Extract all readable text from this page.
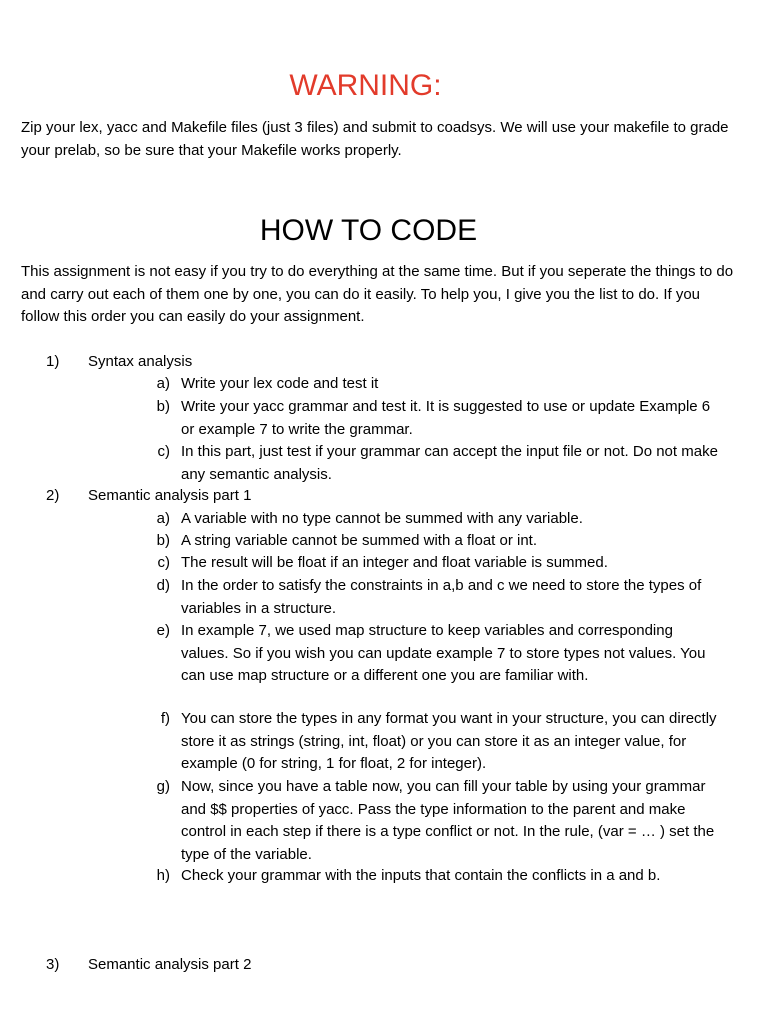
WARNING:
Zip your lex, yacc and Makefile files (just 3 files) and submit to coadsys. We will use your makefile to grade your prelab, so be sure that your Makefile works properly.
HOW TO CODE
This assignment is not easy if you try to do everything at the same time. But if you seperate the things to do and carry out each of them one by one, you can do it easily. To help you, I give you the list to do. If you follow this order you can easily do your assignment.
1) Syntax analysis
a) Write your lex code and test it
b) Write your yacc grammar and test it. It is suggested to use or update Example 6 or example 7 to write the grammar.
c) In this part, just test if your grammar can accept the input file or not. Do not make any semantic analysis.
2) Semantic analysis part 1
a) A variable with no type cannot be summed with any variable.
b) A string variable cannot be summed with a float or int.
c) The result will be float if an integer and float variable is summed.
d) In the order to satisfy the constraints in a,b and c we need to store the types of variables in a structure.
e) In example 7, we used map structure to keep variables and corresponding values. So if you wish you can update example 7 to store types not values. You can use map structure or a different one you are familiar with.
f) You can store the types in any format you want in your structure, you can directly store it as strings (string, int, float) or you can store it as an integer value, for example (0 for string, 1 for float, 2 for integer).
g) Now, since you have a table now, you can fill your table by using your grammar and $$ properties of yacc. Pass the type information to the parent and make control in each step if there is a type conflict or not. In the rule, (var = … ) set the type of the variable.
h) Check your grammar with the inputs that contain the conflicts in a and b.
3) Semantic analysis part 2
